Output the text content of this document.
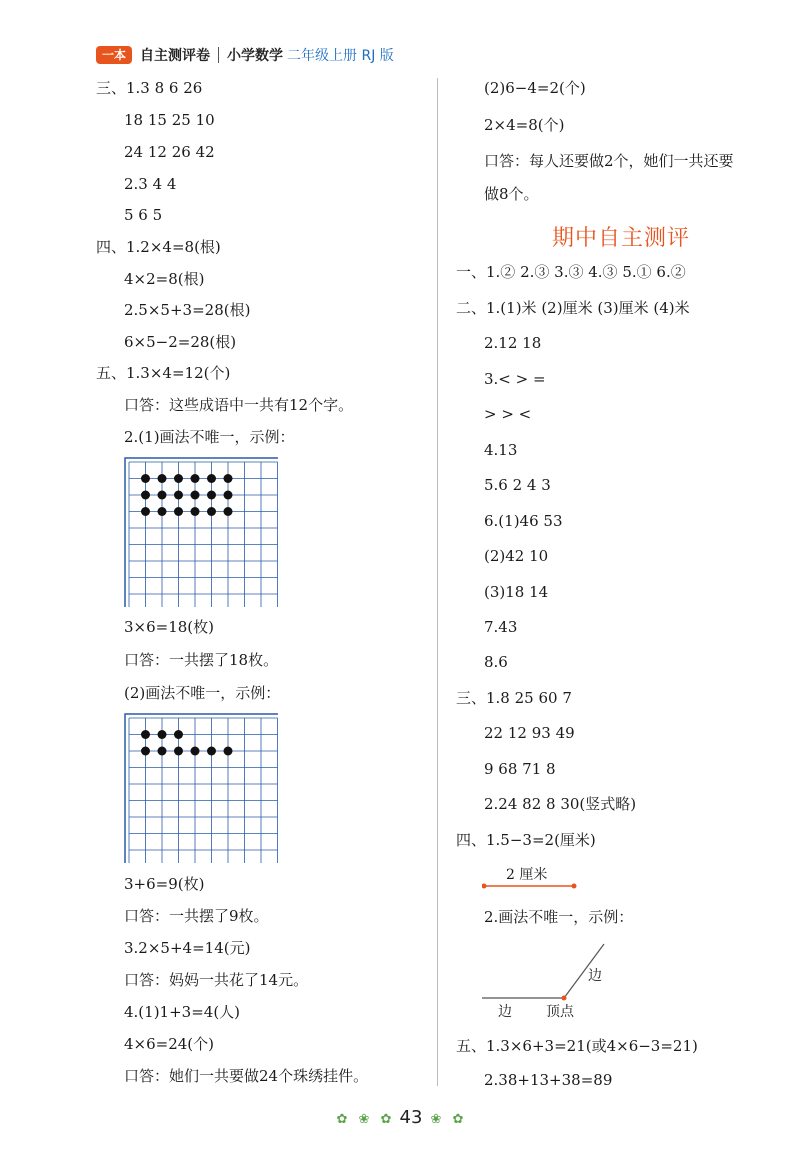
一本	自主测评卷 小学数学 二年级上册 RJ 版
三、1.3 8 6 26
18 15 25 10
24 12 26 42
2.3 4 4
5 6 5
四、1.2×4=8(根)
4×2=8(根)
2.5×5+3=28(根)
6×5−2=28(根)
五、1.3×4=12(个)
口答：这些成语中一共有12个字。
2.(1)画法不唯一，示例：
3×6=18(枚)
口答：一共摆了18枚。
(2)画法不唯一，示例：
3+6=9(枚)
口答：一共摆了9枚。
3.2×5+4=14(元)
口答：妈妈一共花了14元。
4.(1)1+3=4(人)
4×6=24(个)
口答：她们一共要做24个珠绣挂件。
(2)6−4=2(个)
2×4=8(个)
口答：每人还要做2个，她们一共还要
做8个。
期中自主测评
一、1.② 2.③ 3.③ 4.③ 5.① 6.②
二、1.(1)米 (2)厘米 (3)厘米 (4)米
2.12 18
3.< > =
> > <
4.13
5.6 2 4 3
6.(1)46 53
(2)42 10
(3)18 14
7.43
8.6
三、1.8 25 60 7
22 12 93 49
9 68 71 8
2.24 82 8 30(竖式略)
四、1.5−3=2(厘米)
2 厘米
2.画法不唯一，示例：
边
边 顶点
五、1.3×6+3=21(或4×6−3=21)
2.38+13+38=89
✿ ❀ ✿ 43 ❀ ✿
